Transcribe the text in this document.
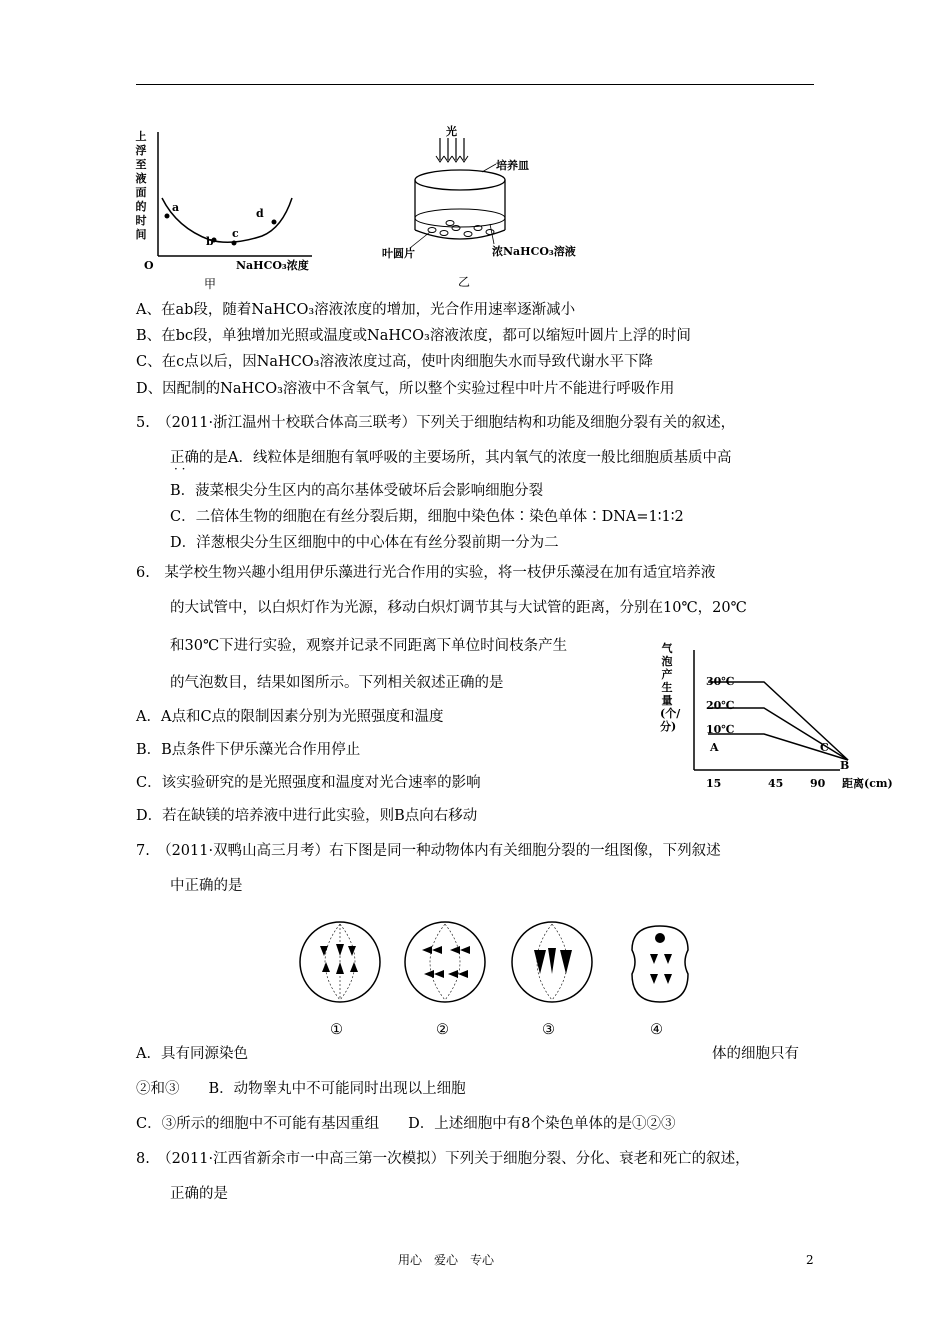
上
浮
至
液
面
的
时
间
a
b
c
d
O	NaHCO₃浓度
甲
光
培养皿
浓NaHCO₃溶液
叶圆片
乙
A、在ab段，随着NaHCO₃溶液浓度的增加，光合作用速率逐渐减小
B、在bc段，单独增加光照或温度或NaHCO₃溶液浓度，都可以缩短叶圆片上浮的时间
C、在c点以后，因NaHCO₃溶液浓度过高，使叶肉细胞失水而导致代谢水平下降
D、因配制的NaHCO₃溶液中不含氧气，所以整个实验过程中叶片不能进行呼吸作用
5.　（2011·浙江温州十校联合体高三联考）下列关于细胞结构和功能及细胞分裂有关的叙述，
正确的是A．线粒体是细胞有氧呼吸的主要场所，其内氧气的浓度一般比细胞质基质中高
· ·
B．菠菜根尖分生区内的高尔基体受破坏后会影响细胞分裂
C．二倍体生物的细胞在有丝分裂后期，细胞中染色体∶染色单体∶DNA=1∶1∶2
D．洋葱根尖分生区细胞中的中心体在有丝分裂前期一分为二
6.　某学校生物兴趣小组用伊乐藻进行光合作用的实验，将一枝伊乐藻浸在加有适宜培养液
的大试管中，以白炽灯作为光源，移动白炽灯调节其与大试管的距离，分别在10℃，20℃
和30℃下进行实验，观察并记录不同距离下单位时间枝条产生
的气泡数目，结果如图所示。下列相关叙述正确的是
A．A点和C点的限制因素分别为光照强度和温度
B．B点条件下伊乐藻光合作用停止
C．该实验研究的是光照强度和温度对光合速率的影响
D．若在缺镁的培养液中进行此实验，则B点向右移动
气泡产生量(个/分)
30℃
20℃
10℃
A
B
C
15	45 90 距离(cm)
7.　（2011·双鸭山高三月考）右下图是同一种动物体内有关细胞分裂的一组图像，下列叙述
中正确的是
①	②	③	④
A．具有同源染色	体的细胞只有
②和③　　B．动物睾丸中不可能同时出现以上细胞
C．③所示的细胞中不可能有基因重组　　D．上述细胞中有8个染色单体的是①②③
8.　（2011·江西省新余市一中高三第一次模拟）下列关于细胞分裂、分化、衰老和死亡的叙述，
正确的是
用心　爱心　专心	2
